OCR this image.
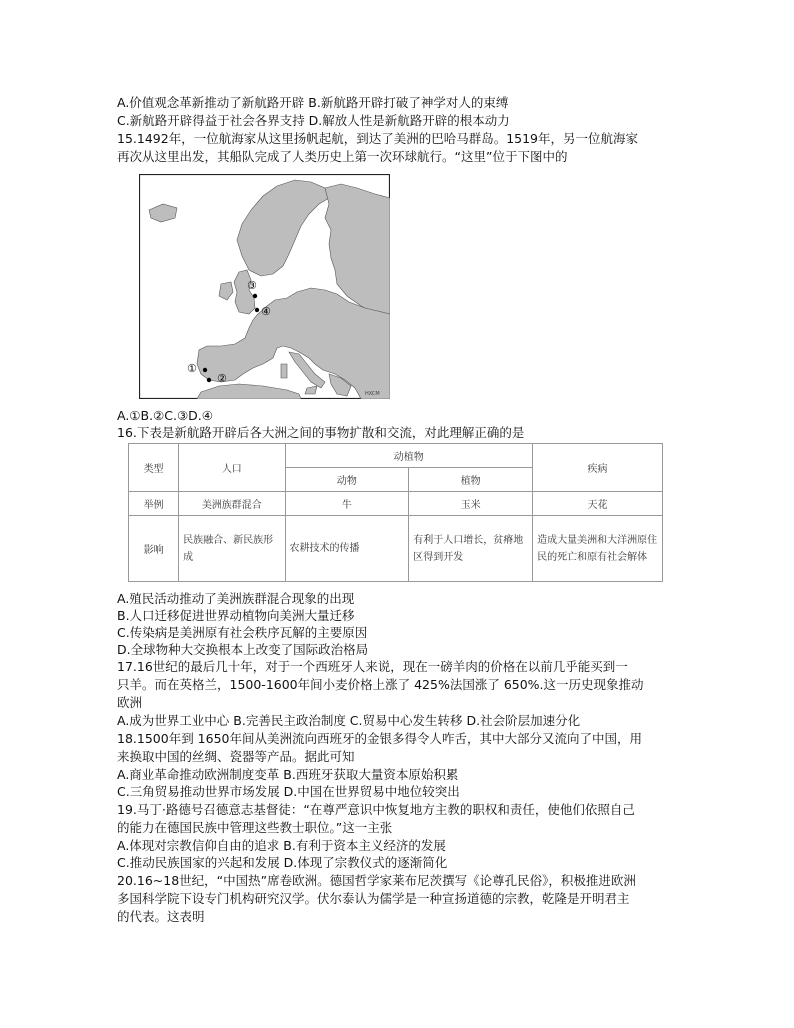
A.价值观念革新推动了新航路开辟 B.新航路开辟打破了神学对人的束缚
C.新航路开辟得益于社会各界支持 D.解放人性是新航路开辟的根本动力
15.1492年，一位航海家从这里扬帆起航，到达了美洲的巴哈马群岛。1519年，另一位航海家
再次从这里出发，其船队完成了人类历史上第一次环球航行。“这里”位于下图中的
③
④
①
②
HXCM
A.①B.②C.③D.④
16.下表是新航路开辟后各大洲之间的事物扩散和交流，对此理解正确的是
类型	人口	动植物		疾病
		动物	植物	
举例	美洲族群混合	牛	玉米	天花
影响	民族融合、新民族形成	农耕技术的传播	有利于人口增长，贫瘠地区得到开发	造成大量美洲和大洋洲原住民的死亡和原有社会解体
A.殖民活动推动了美洲族群混合现象的出现
B.人口迁移促进世界动植物向美洲大量迁移
C.传染病是美洲原有社会秩序瓦解的主要原因
D.全球物种大交换根本上改变了国际政治格局
17.16世纪的最后几十年，对于一个西班牙人来说，现在一磅羊肉的价格在以前几乎能买到一
只羊。而在英格兰，1500-1600年间小麦价格上涨了 425%法国涨了 650%.这一历史现象推动
欧洲
A.成为世界工业中心 B.完善民主政治制度 C.贸易中心发生转移 D.社会阶层加速分化
18.1500年到 1650年间从美洲流向西班牙的金银多得令人咋舌，其中大部分又流向了中国，用
来换取中国的丝绸、瓷器等产品。据此可知
A.商业革命推动欧洲制度变革 B.西班牙获取大量资本原始积累
C.三角贸易推动世界市场发展 D.中国在世界贸易中地位较突出
19.马丁·路德号召德意志基督徒：“在尊严意识中恢复地方主教的职权和责任，使他们依照自己
的能力在德国民族中管理这些教士职位。”这一主张
A.体现对宗教信仰自由的追求 B.有利于资本主义经济的发展
C.推动民族国家的兴起和发展 D.体现了宗教仪式的逐渐简化
20.16~18世纪，“中国热”席卷欧洲。德国哲学家莱布尼茨撰写《论尊孔民俗》，积极推进欧洲
多国科学院下设专门机构研究汉学。伏尔泰认为儒学是一种宣扬道德的宗教，乾隆是开明君主
的代表。这表明
